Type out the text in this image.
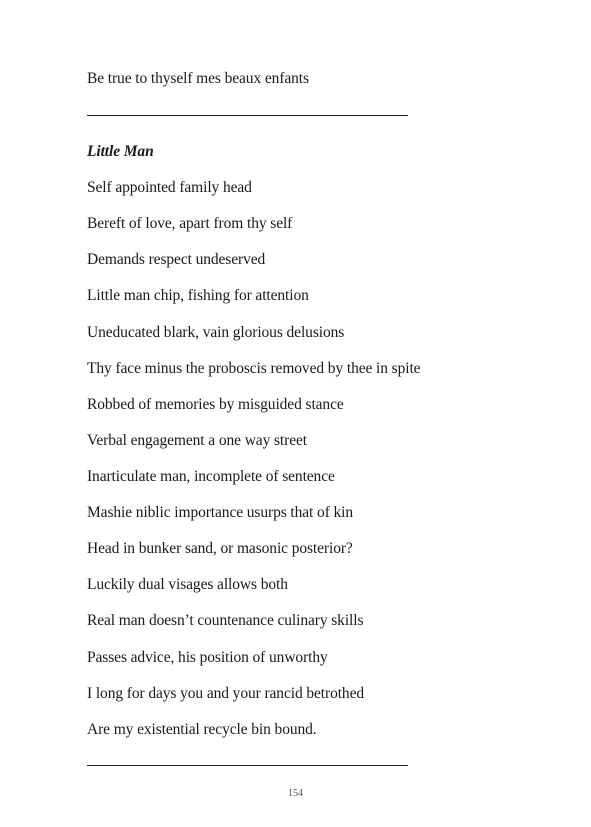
Be true to thyself mes beaux enfants
Little Man
Self appointed family head
Bereft of love, apart from thy self
Demands respect undeserved
Little man chip, fishing for attention
Uneducated blark, vain glorious delusions
Thy face minus the proboscis removed by thee in spite
Robbed of memories by misguided stance
Verbal engagement a one way street
Inarticulate man, incomplete of sentence
Mashie niblic importance usurps that of kin
Head in bunker sand, or masonic posterior?
Luckily dual visages allows both
Real man doesn’t countenance culinary skills
Passes advice, his position of unworthy
I long for days you and your rancid betrothed
Are my existential recycle bin bound.
154
